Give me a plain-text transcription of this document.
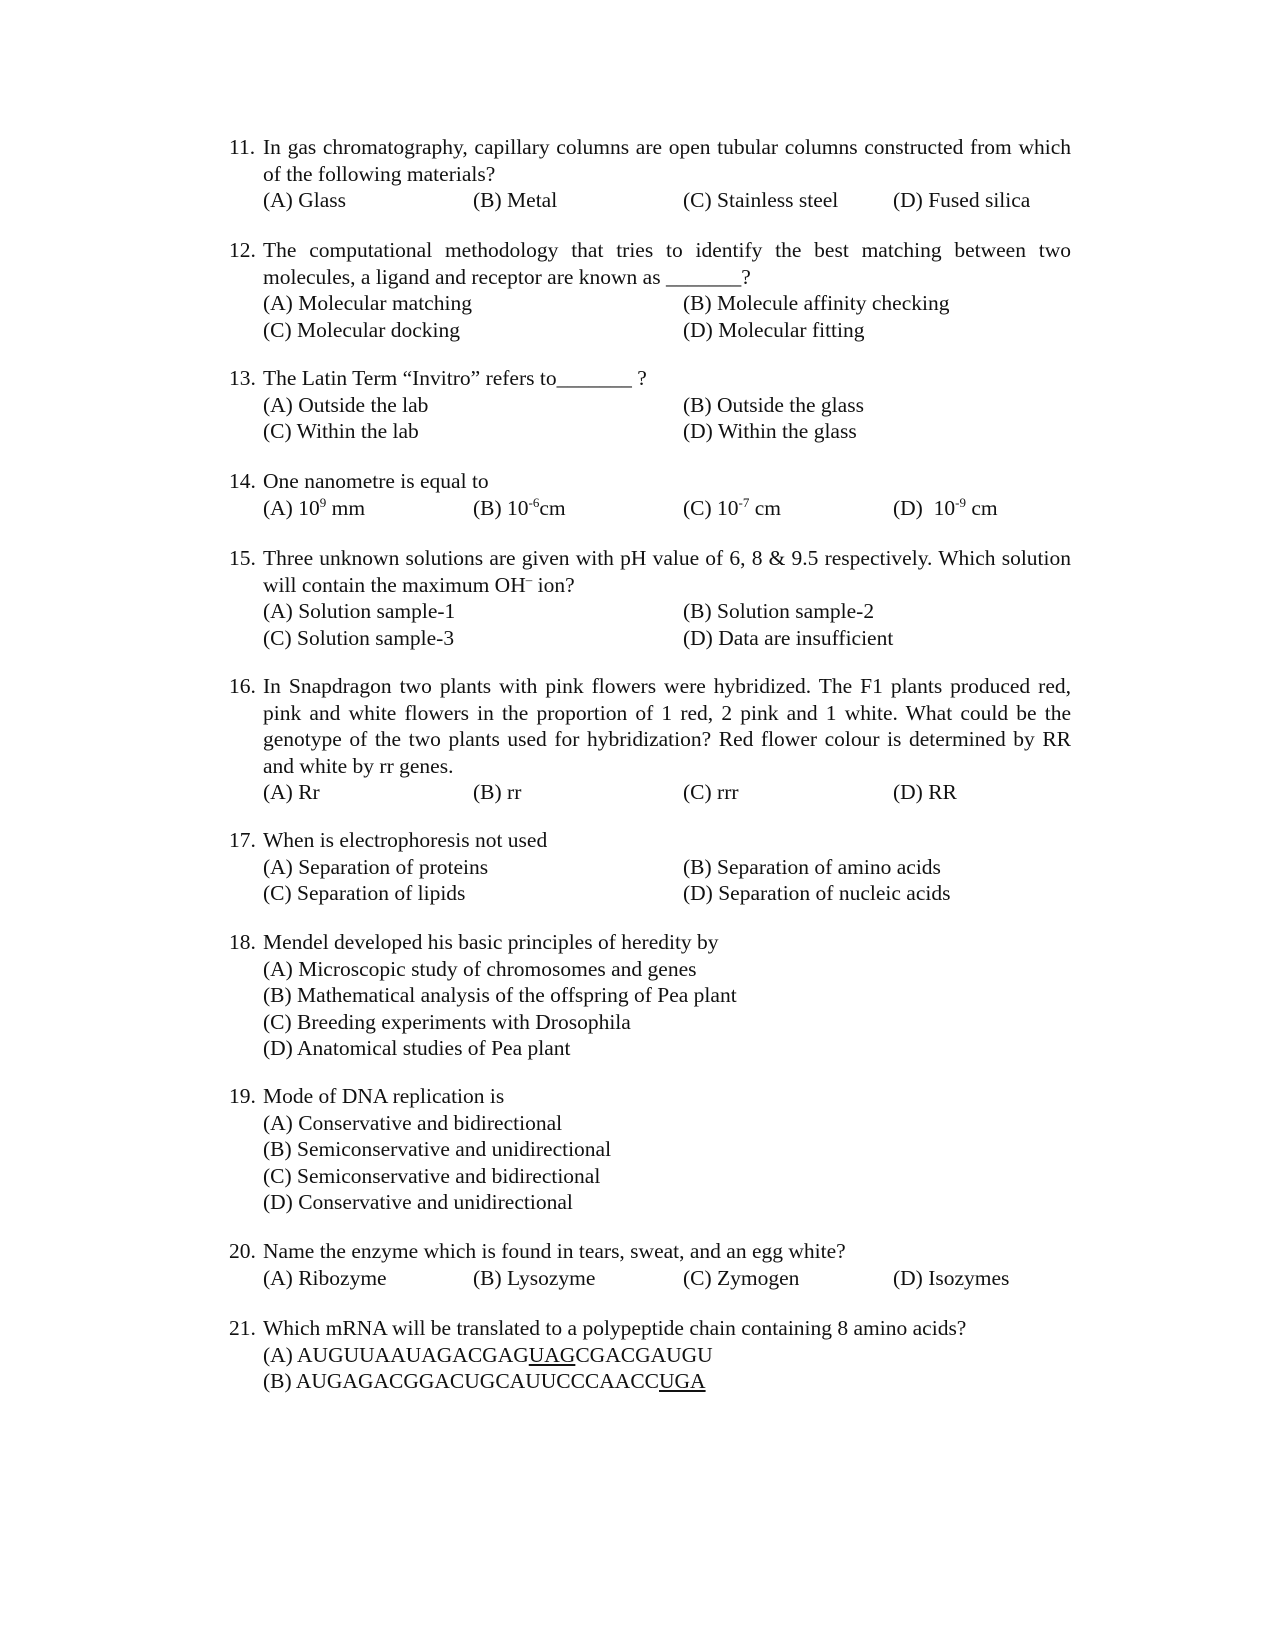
11. In gas chromatography, capillary columns are open tubular columns constructed from which of the following materials?
(A) Glass	(B) Metal	(C) Stainless steel	(D) Fused silica
12. The computational methodology that tries to identify the best matching between two molecules, a ligand and receptor are known as _______?
(A) Molecular matching	(B) Molecule affinity checking
(C) Molecular docking	(D) Molecular fitting
13. The Latin Term “Invitro” refers to_______ ?
(A) Outside the lab	(B) Outside the glass
(C) Within the lab	(D) Within the glass
14. One nanometre is equal to
(A) $10^9$ mm	(B) $10^{-6}cm$	(C) $10^{-7}$ cm	(D)  $10^{-9}$ cm
15. Three unknown solutions are given with pH value of 6, 8 & 9.5 respectively. Which solution will contain the maximum OH– ion?
(A) Solution sample-1	(B) Solution sample-2
(C) Solution sample-3	(D) Data are insufficient
16. In Snapdragon two plants with pink flowers were hybridized. The F1 plants produced red, pink and white flowers in the proportion of 1 red, 2 pink and 1 white. What could be the genotype of the two plants used for hybridization? Red flower colour is determined by RR and white by rr genes.
(A) Rr	(B) rr	(C) rrr	(D) RR
17. When is electrophoresis not used
(A) Separation of proteins	(B) Separation of amino acids
(C) Separation of lipids	(D) Separation of nucleic acids
18. Mendel developed his basic principles of heredity by
(A) Microscopic study of chromosomes and genes
(B) Mathematical analysis of the offspring of Pea plant
(C) Breeding experiments with Drosophila
(D) Anatomical studies of Pea plant
19. Mode of DNA replication is
(A) Conservative and bidirectional
(B) Semiconservative and unidirectional
(C) Semiconservative and bidirectional
(D) Conservative and unidirectional
20. Name the enzyme which is found in tears, sweat, and an egg white?
(A) Ribozyme	(B) Lysozyme	(C) Zymogen	(D) Isozymes
21. Which mRNA will be translated to a polypeptide chain containing 8 amino acids?
(A) AUGUUAAUAGACGAGUAGCGACGAUGU
(B) AUGAGACGGACUGCAUUCCCAACCUGA
